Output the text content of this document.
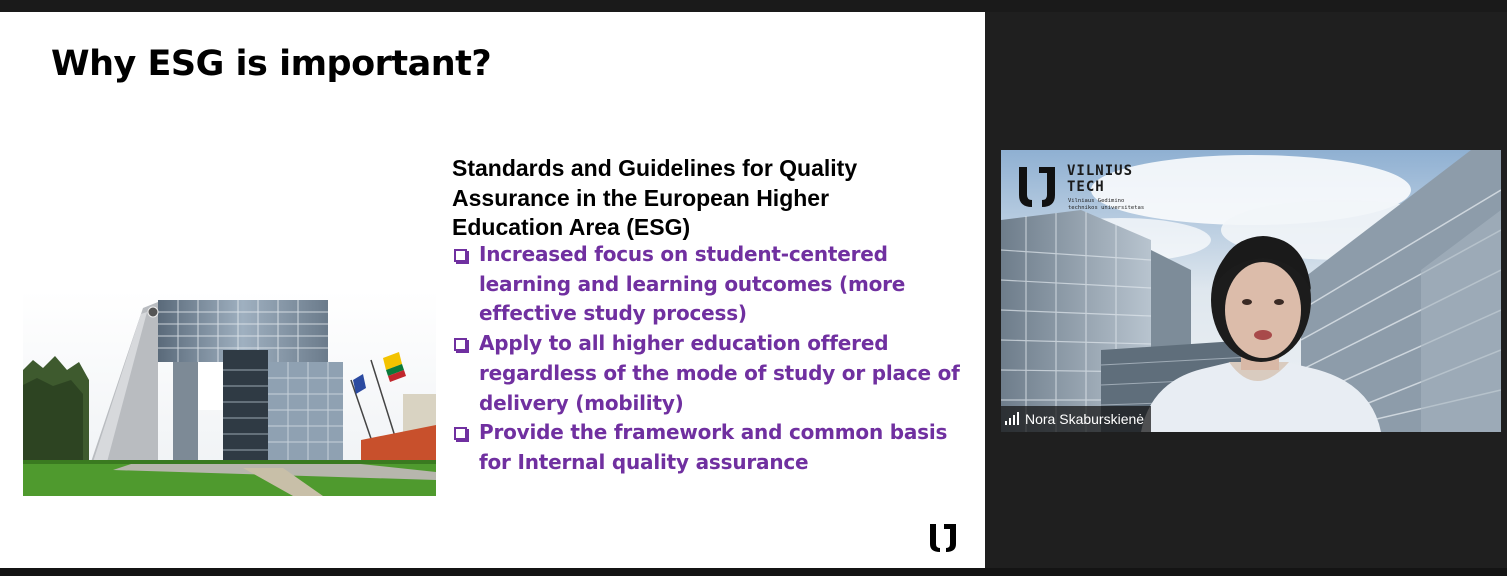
Why ESG is important?
Standards and Guidelines for Quality Assurance in the European Higher Education Area (ESG)
Increased focus on student-centered learning and learning outcomes (more effective study process)
Apply to all higher education offered regardless of the mode of study or place of delivery (mobility)
Provide the framework and common basis for Internal quality assurance
VILNIUS
TECH
Vilniaus Gedimino
technikos universitetas
Nora Skaburskienė
